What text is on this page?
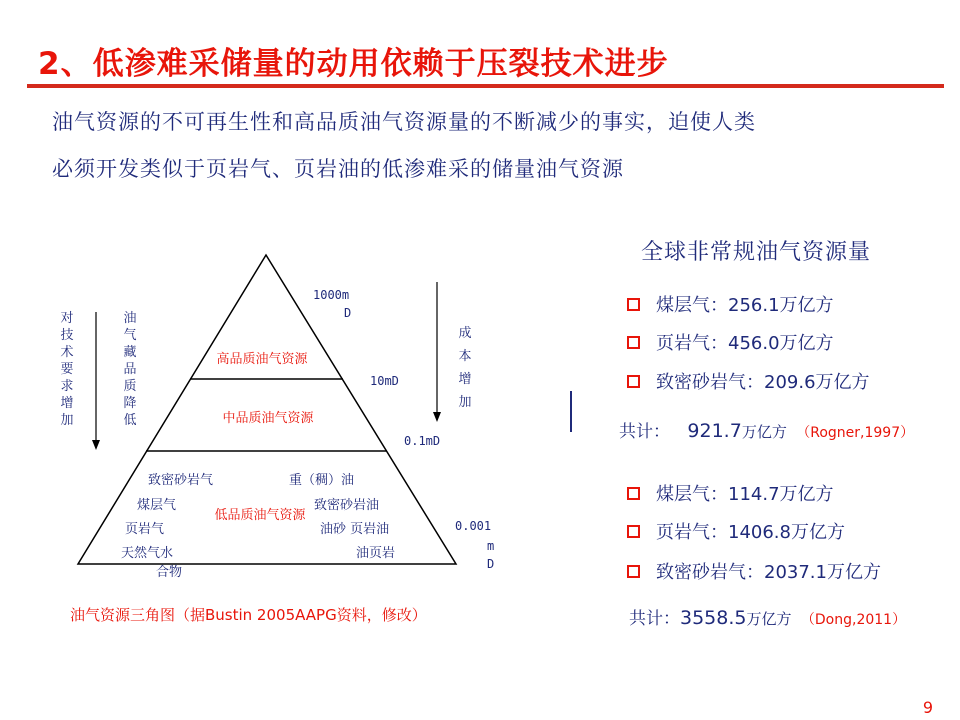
2、低渗难采储量的动用依赖于压裂技术进步
油气资源的不可再生性和高品质油气资源量的不断减少的事实，迫使人类
必须开发类似于页岩气、页岩油的低渗难采的储量油气资源
对技术要求增加
油气藏品质降低
成本增加
1000m
D
10mD
0.1mD
0.001
m
D
高品质油气资源
中品质油气资源
低品质油气资源
致密砂岩气
煤层气
页岩气
天然气水
合物
重（稠）油
致密砂岩油
油砂 页岩油
油页岩
油气资源三角图（据Bustin 2005AAPG资料，修改）
全球非常规油气资源量
煤层气：256.1万亿方
页岩气：456.0万亿方
致密砂岩气：209.6万亿方
共计： 921.7万亿方 （Rogner,1997）
煤层气：114.7万亿方
页岩气：1406.8万亿方
致密砂岩气：2037.1万亿方
共计：3558.5万亿方 （Dong,2011）
9
